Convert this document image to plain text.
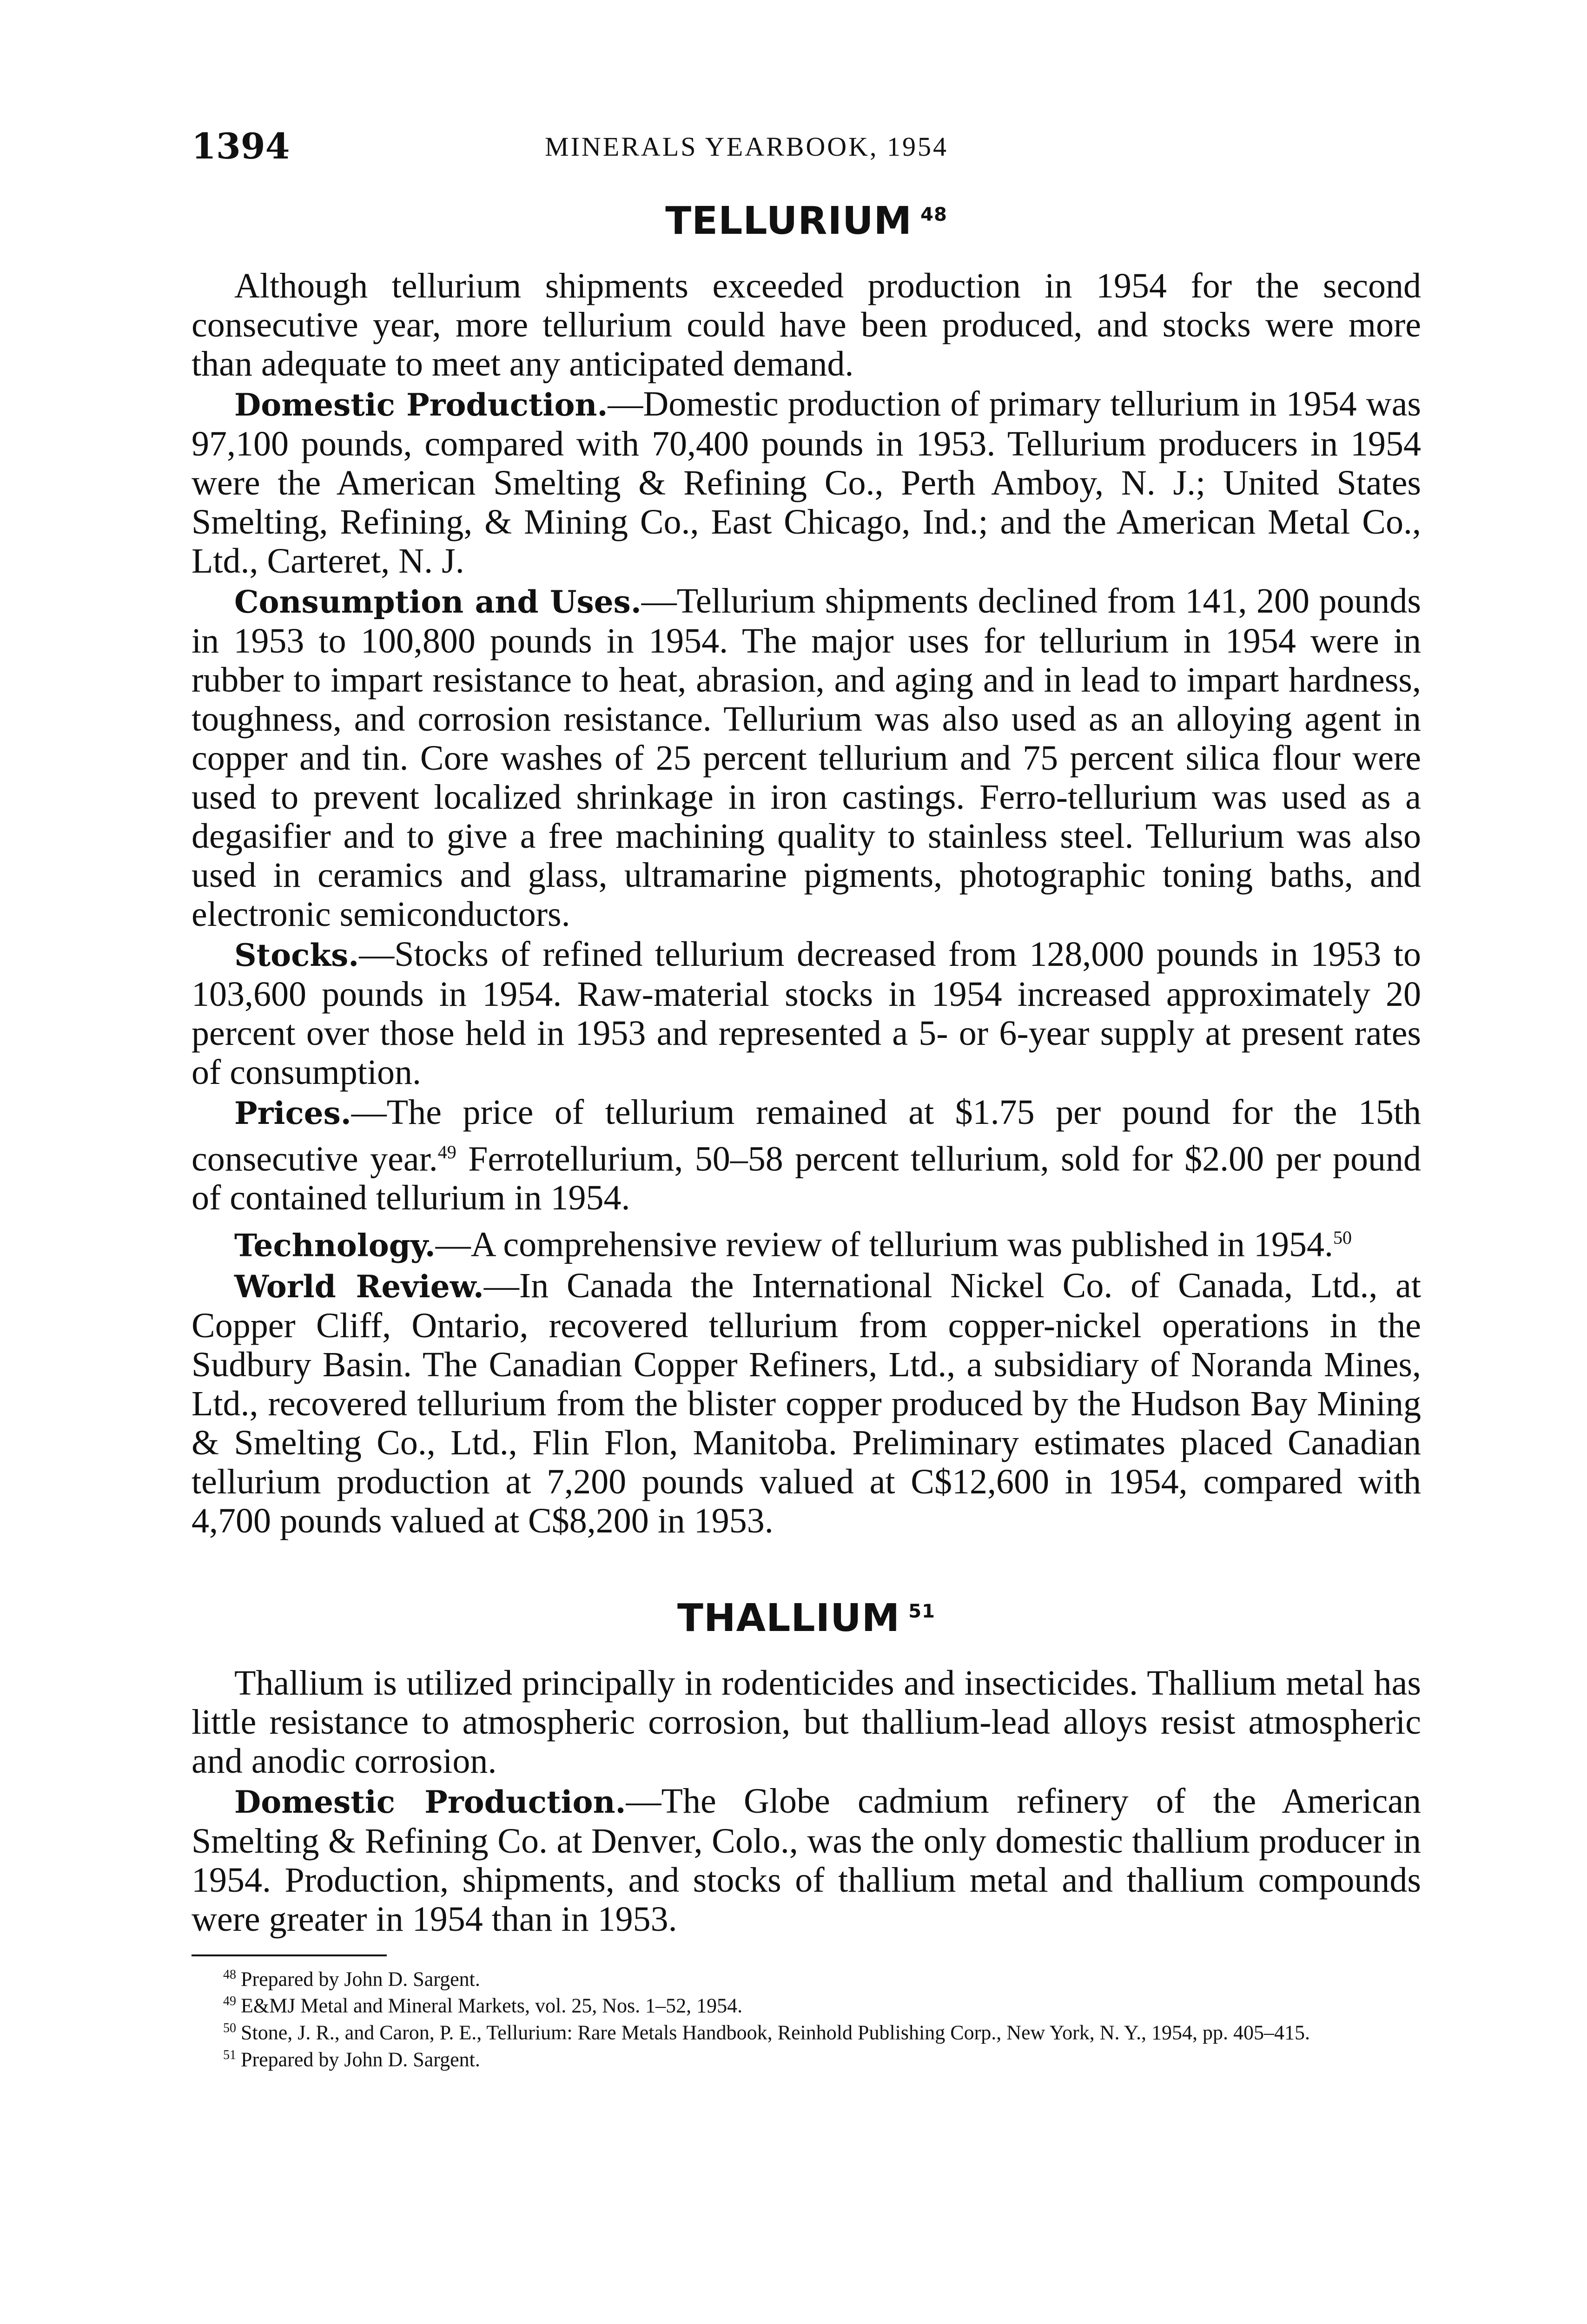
1394	MINERALS YEARBOOK, 1954
TELLURIUM $^{48}$

Although tellurium shipments exceeded production in 1954 for the second consecutive year, more tellurium could have been produced, and stocks were more than adequate to meet any anticipated demand.

Domestic Production.—Domestic production of primary tellurium in 1954 was 97,100 pounds, compared with 70,400 pounds in 1953. Tellurium producers in 1954 were the American Smelting & Refining Co., Perth Amboy, N. J.; United States Smelting, Refining, & Mining Co., East Chicago, Ind.; and the American Metal Co., Ltd., Carteret, N. J.

Consumption and Uses.—Tellurium shipments declined from 141, 200 pounds in 1953 to 100,800 pounds in 1954. The major uses for tellurium in 1954 were in rubber to impart resistance to heat, abrasion, and aging and in lead to impart hardness, toughness, and corrosion resistance. Tellurium was also used as an alloying agent in copper and tin. Core washes of 25 percent tellurium and 75 percent silica flour were used to prevent localized shrinkage in iron castings. Ferro-tellurium was used as a degasifier and to give a free machining quality to stainless steel. Tellurium was also used in ceramics and glass, ultramarine pigments, photographic toning baths, and electronic semiconductors.

Stocks.—Stocks of refined tellurium decreased from 128,000 pounds in 1953 to 103,600 pounds in 1954. Raw-material stocks in 1954 increased approximately 20 percent over those held in 1953 and represented a 5- or 6-year supply at present rates of consumption.

Prices.—The price of tellurium remained at $1.75 per pound for the 15th consecutive year.$^{49}$ Ferrotellurium, 50–58 percent tellurium, sold for $2.00 per pound of contained tellurium in 1954.

Technology.—A comprehensive review of tellurium was published in 1954.50

World Review.—In Canada the International Nickel Co. of Canada, Ltd., at Copper Cliff, Ontario, recovered tellurium from copper-nickel operations in the Sudbury Basin. The Canadian Copper Refiners, Ltd., a subsidiary of Noranda Mines, Ltd., recovered tellurium from the blister copper produced by the Hudson Bay Mining & Smelting Co., Ltd., Flin Flon, Manitoba. Preliminary estimates placed Canadian tellurium production at 7,200 pounds valued at C$12,600 in 1954, compared with 4,700 pounds valued at C$8,200 in 1953.

THALLIUM $^{51}$

Thallium is utilized principally in rodenticides and insecticides. Thallium metal has little resistance to atmospheric corrosion, but thallium-lead alloys resist atmospheric and anodic corrosion.

Domestic Production.—The Globe cadmium refinery of the American Smelting & Refining Co. at Denver, Colo., was the only domestic thallium producer in 1954. Production, shipments, and stocks of thallium metal and thallium compounds were greater in 1954 than in 1953.

$^{48}$ Prepared by John D. Sargent.

$^{49}$ E&MJ Metal and Mineral Markets, vol. 25, Nos. 1–52, 1954.

$^{50}$ Stone, J. R., and Caron, P. E., Tellurium: Rare Metals Handbook, Reinhold Publishing Corp., New York, N. Y., 1954, pp. 405–415.

$^{51}$ Prepared by John D. Sargent.
